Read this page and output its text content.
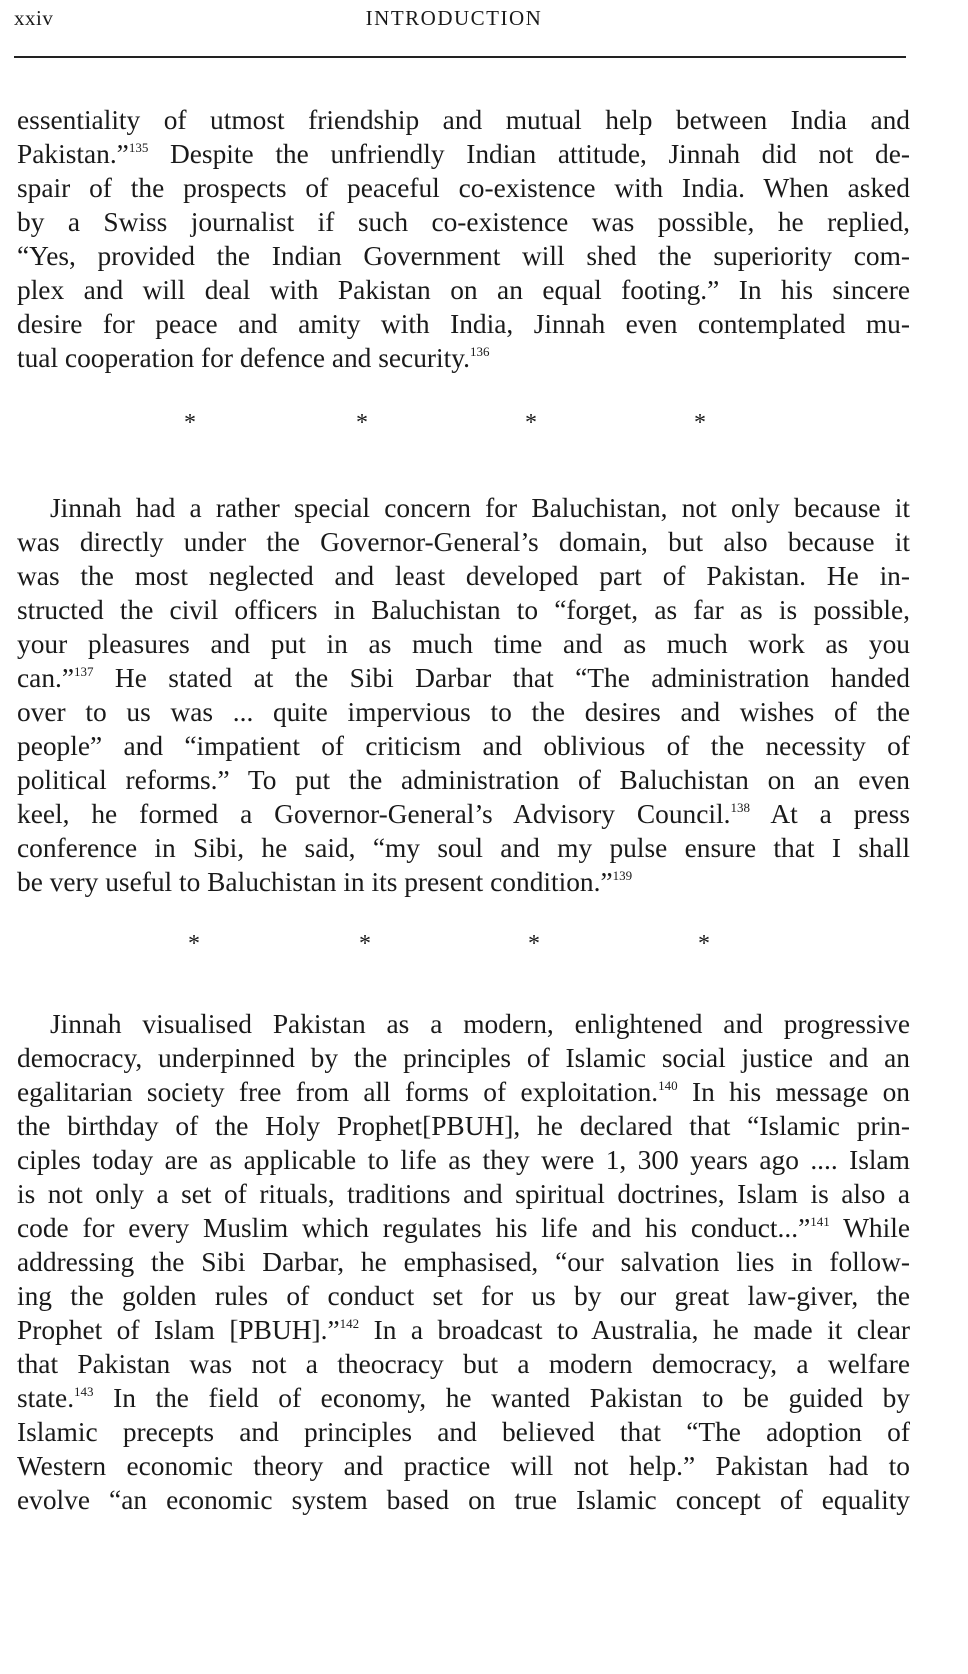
xxiv	INTRODUCTION
essentiality of utmost friendship and mutual help between India and
Pakistan.”$^{135}$ Despite the unfriendly Indian attitude, Jinnah did not de-
spair of the prospects of peaceful co-existence with India. When asked
by a Swiss journalist if such co-existence was possible, he replied,
“Yes, provided the Indian Government will shed the superiority com-
plex and will deal with Pakistan on an equal footing.” In his sincere
desire for peace and amity with India, Jinnah even contemplated mu-
tual cooperation for defence and security.$^{136}$
*	*	*	*
Jinnah had a rather special concern for Baluchistan, not only because it
was directly under the Governor-General’s domain, but also because it
was the most neglected and least developed part of Pakistan. He in-
structed the civil officers in Baluchistan to “forget, as far as is possible,
your pleasures and put in as much time and as much work as you
can.”$^{137}$ He stated at the Sibi Darbar that “The administration handed
over to us was ... quite impervious to the desires and wishes of the
people” and “impatient of criticism and oblivious of the necessity of
political reforms.” To put the administration of Baluchistan on an even
keel, he formed a Governor-General’s Advisory Council.$^{138}$ At a press
conference in Sibi, he said, “my soul and my pulse ensure that I shall
be very useful to Baluchistan in its present condition.”$^{139}$
*	*	*	*
Jinnah visualised Pakistan as a modern, enlightened and progressive
democracy, underpinned by the principles of Islamic social justice and an
egalitarian society free from all forms of exploitation.$^{140}$ In his message on
the birthday of the Holy Prophet[PBUH], he declared that “Islamic prin-
ciples today are as applicable to life as they were 1, 300 years ago .... Islam
is not only a set of rituals, traditions and spiritual doctrines, Islam is also a
code for every Muslim which regulates his life and his conduct...”$^{141}$ While
addressing the Sibi Darbar, he emphasised, “our salvation lies in follow-
ing the golden rules of conduct set for us by our great law-giver, the
Prophet of Islam [PBUH].”$^{142}$ In a broadcast to Australia, he made it clear
that Pakistan was not a theocracy but a modern democracy, a welfare
state.$^{143}$ In the field of economy, he wanted Pakistan to be guided by
Islamic precepts and principles and believed that “The adoption of
Western economic theory and practice will not help.” Pakistan had to
evolve “an economic system based on true Islamic concept of equality
